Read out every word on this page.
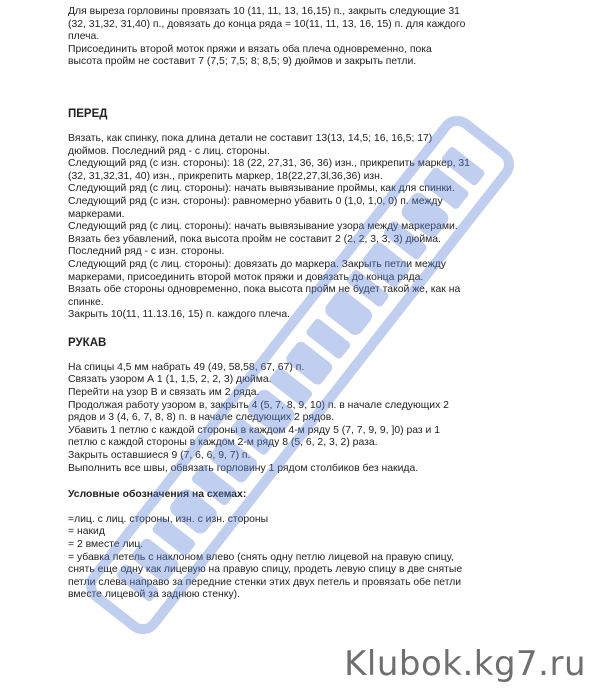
Для выреза горловины провязать 10 (11, 11, 13, 16,15) п., закрыть следующие 31

(32, 31,32, 31,40) п., довязать до конца ряда = 10(11, 11, 13, 16, 15) п. для каждого

плеча.

Присоединить второй моток пряжи и вязать оба плеча одновременно, пока

высота пройм не составит 7 (7,5; 7,5; 8; 8,5; 9) дюймов и закрыть петли.

ПЕРЕД

Вязать, как спинку, пока длина детали не составит 13(13, 14,5; 16, 16,5; 17)

дюймов. Последний ряд - с лиц. стороны.

Следующий ряд (с изн. стороны): 18 (22, 27,31, 36, 36) изн., прикрепить маркер, 31

(32, 31,32,31, 40) изн., прикрепить маркер, 18(22,27,3l,36,36) изн.

Следующий ряд (с лиц. стороны): начать вывязывание проймы, как для спинки.

Следующий ряд (с изн. стороны): равномерно убавить 0 (1,0, 1,0, 0) п. между

маркерами.

Следующий ряд (с лиц. стороны): начать вывязывание узора между маркерами.

Вязать без убавлений, пока высота пройм не составит 2 (2, 2, 3, 3, 3) дюйма.

Последний ряд - с изн. стороны.

Следующий ряд (с лиц. стороны): довязать до маркера. Закрыть петли между

маркерами, присоединить второй моток пряжи и довязать до конца ряда.

Вязать обе стороны одновременно, пока высота пройм не будет такой же, как на

спинке.

Закрыть 10(11, 11.13.16, 15) п. каждого плеча.

РУКАВ

На спицы 4,5 мм набрать 49 (49, 58,58, 67, 67) п.

Связать узором А 1 (1, 1,5, 2, 2, 3) дюйма.

Перейти на узор В и связать им 2 ряда.

Продолжая работу узором в, закрыть 4 (5, 7, 8, 9, 10) п. в начале следующих 2

рядов и 3 (4, 6, 7, 8, 8) п. в начале следующих 2 рядов.

Убавить 1 петлю с каждой стороны в каждом 4-м ряду 5 (7, 7, 9, 9, ]0) раз и 1

петлю с каждой стороны в каждом 2-м ряду 8 (5, 6, 2, 3, 2) раза.

Закрыть оставшиеся 9 (7, 6, 6, 9, 7) п.

Выполнить все швы, обвязать горловину 1 рядом столбиков без накида.

Условные обозначения на схемах:

=лиц. с лиц. стороны, изн. с изн. стороны

= накид

= 2 вместе лиц.

= убавка петель с наклоном влево (снять одну петлю лицевой на правую спицу,

снять еще одну как лицевую на правую спицу, продеть левую спицу в две снятые

петли слева направо за передние стенки этих двух петель и провязать обе петли

вместе лицевой за заднюю стенку).

Klubok.kg7.ru
